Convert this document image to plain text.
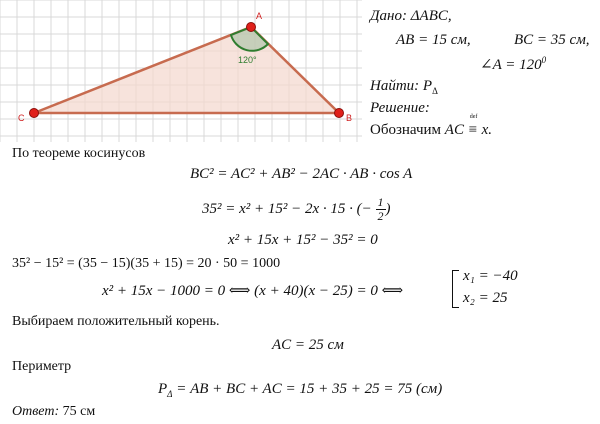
A
B
C
120°
Дано: ΔABC,
AB = 15 см,	BC = 35 см,
∠A = $120^0$
Найти: $P_\Delta$
Решение:
Обозначим AC
def
≡ x.
По теореме косинусов
BC² = AC² + AB² − 2AC · AB · cos A
35² = x² + 15² − 2x · 15 · (− $\frac{1}{2}$ )
x² + 15x + 15² − 35² = 0
35² − 15² = (35 − 15)(35 + 15) = 20 · 50 = 1000
x² + 15x − 1000 = 0 ⟺ (x + 40)(x − 25) = 0 ⟺
x₁ = −40
x₂ = 25
Выбираем положительный корень.
AC = 25 см
Периметр
$P_\Delta$ = AB + BC + AC = 15 + 35 + 25 = 75 (см)
Ответ: 75 см
